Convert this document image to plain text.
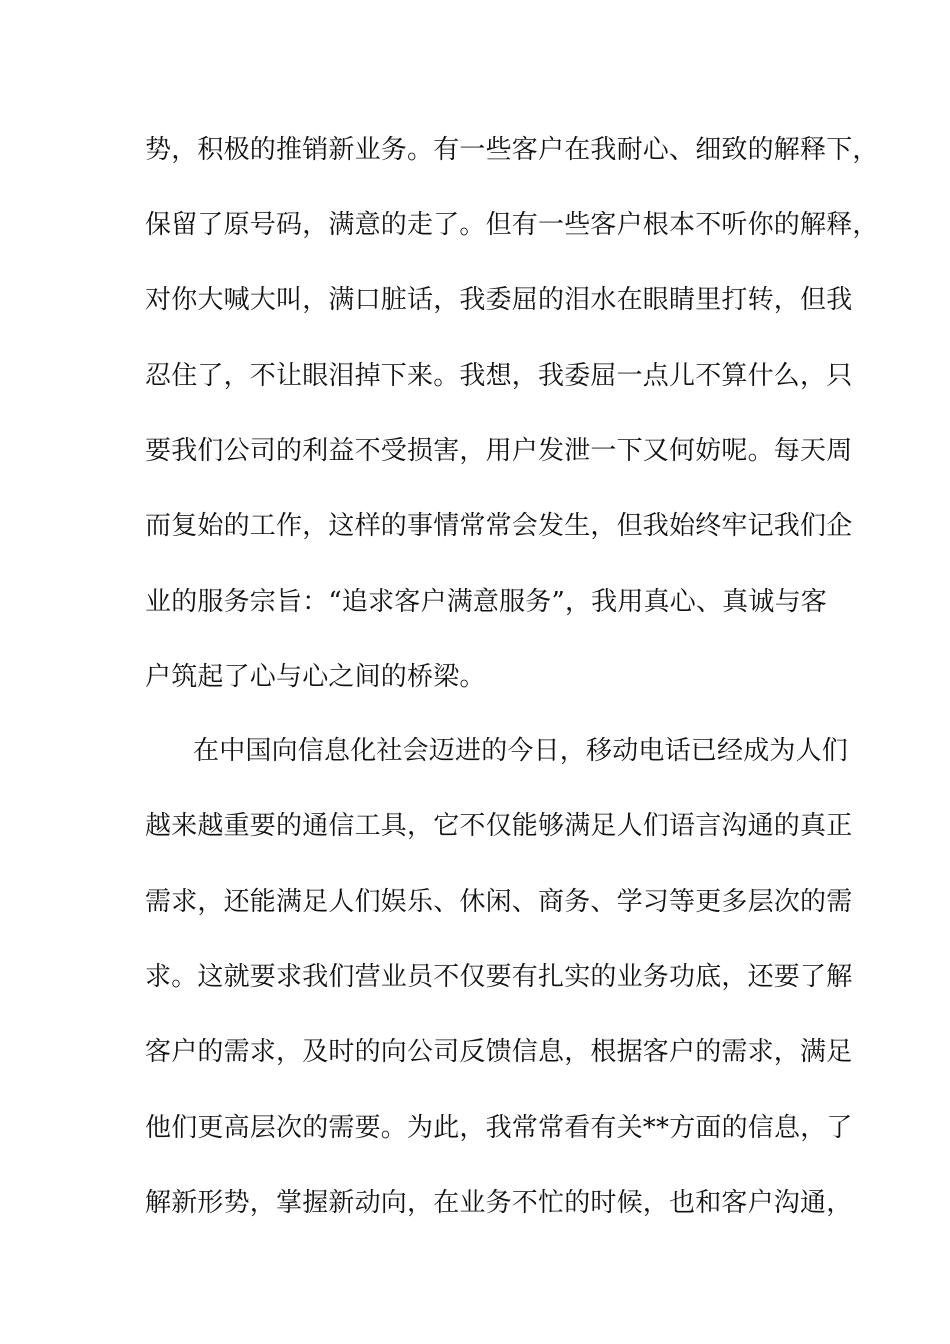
势，积极的推销新业务。有一些客户在我耐心、细致的解释下，
保留了原号码，满意的走了。但有一些客户根本不听你的解释，
对你大喊大叫，满口脏话，我委屈的泪水在眼睛里打转，但我
忍住了，不让眼泪掉下来。我想，我委屈一点儿不算什么，只
要我们公司的利益不受损害，用户发泄一下又何妨呢。每天周
而复始的工作，这样的事情常常会发生，但我始终牢记我们企
业的服务宗旨：“追求客户满意服务”，我用真心、真诚与客
户筑起了心与心之间的桥梁。
在中国向信息化社会迈进的今日，移动电话已经成为人们
越来越重要的通信工具，它不仅能够满足人们语言沟通的真正
需求，还能满足人们娱乐、休闲、商务、学习等更多层次的需
求。这就要求我们营业员不仅要有扎实的业务功底，还要了解
客户的需求，及时的向公司反馈信息，根据客户的需求，满足
他们更高层次的需要。为此，我常常看有关**方面的信息，了
解新形势，掌握新动向，在业务不忙的时候，也和客户沟通，
